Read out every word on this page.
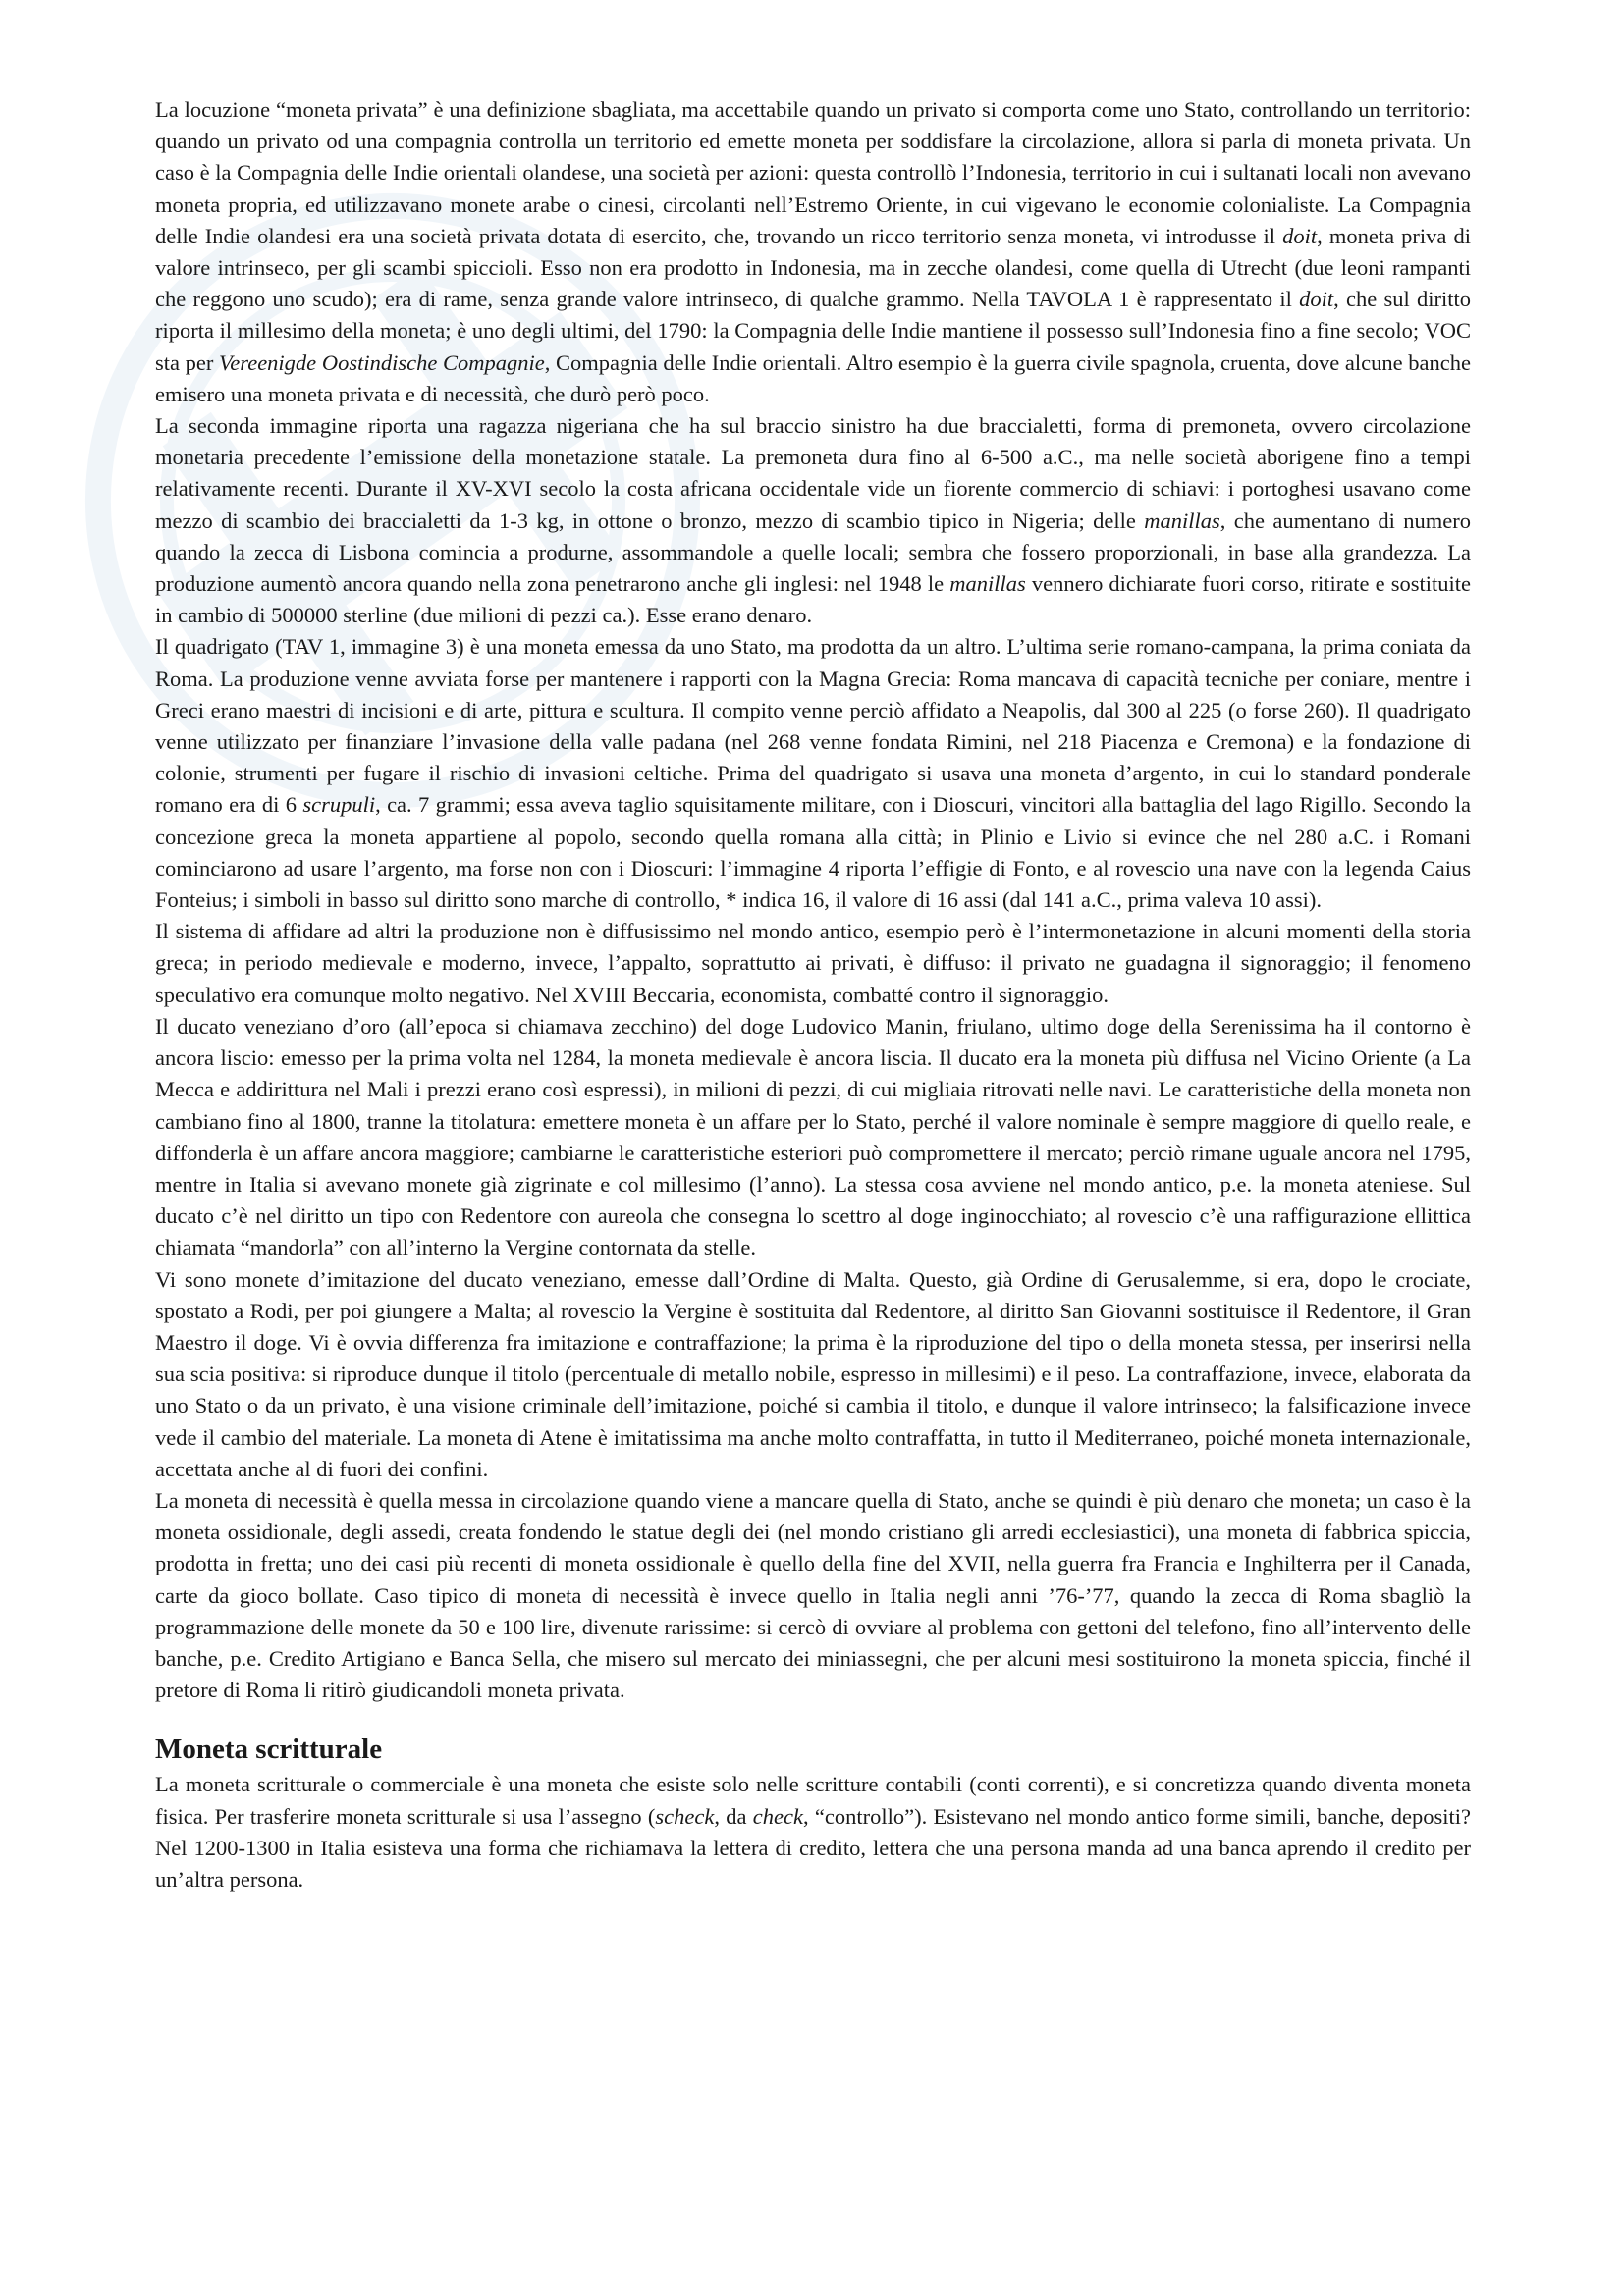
La locuzione “moneta privata” è una definizione sbagliata, ma accettabile quando un privato si comporta come uno Stato, controllando un territorio: quando un privato od una compagnia controlla un territorio ed emette moneta per soddisfare la circolazione, allora si parla di moneta privata. Un caso è la Compagnia delle Indie orientali olandese, una società per azioni: questa controllò l’Indonesia, territorio in cui i sultanati locali non avevano moneta propria, ed utilizzavano monete arabe o cinesi, circolanti nell’Estremo Oriente, in cui vigevano le economie colonialiste. La Compagnia delle Indie olandesi era una società privata dotata di esercito, che, trovando un ricco territorio senza moneta, vi introdusse il doit, moneta priva di valore intrinseco, per gli scambi spiccioli. Esso non era prodotto in Indonesia, ma in zecche olandesi, come quella di Utrecht (due leoni rampanti che reggono uno scudo); era di rame, senza grande valore intrinseco, di qualche grammo. Nella TAVOLA 1 è rappresentato il doit, che sul diritto riporta il millesimo della moneta; è uno degli ultimi, del 1790: la Compagnia delle Indie mantiene il possesso sull’Indonesia fino a fine secolo; VOC sta per Vereenigde Oostindische Compagnie, Compagnia delle Indie orientali. Altro esempio è la guerra civile spagnola, cruenta, dove alcune banche emisero una moneta privata e di necessità, che durò però poco.

La seconda immagine riporta una ragazza nigeriana che ha sul braccio sinistro ha due braccialetti, forma di premoneta, ovvero circolazione monetaria precedente l’emissione della monetazione statale. La premoneta dura fino al 6-500 a.C., ma nelle società aborigene fino a tempi relativamente recenti. Durante il XV-XVI secolo la costa africana occidentale vide un fiorente commercio di schiavi: i portoghesi usavano come mezzo di scambio dei braccialetti da 1-3 kg, in ottone o bronzo, mezzo di scambio tipico in Nigeria; delle manillas, che aumentano di numero quando la zecca di Lisbona comincia a produrne, assommandole a quelle locali; sembra che fossero proporzionali, in base alla grandezza. La produzione aumentò ancora quando nella zona penetrarono anche gli inglesi: nel 1948 le manillas vennero dichiarate fuori corso, ritirate e sostituite in cambio di 500000 sterline (due milioni di pezzi ca.). Esse erano denaro.

Il quadrigato (TAV 1, immagine 3) è una moneta emessa da uno Stato, ma prodotta da un altro. L’ultima serie romano-campana, la prima coniata da Roma. La produzione venne avviata forse per mantenere i rapporti con la Magna Grecia: Roma mancava di capacità tecniche per coniare, mentre i Greci erano maestri di incisioni e di arte, pittura e scultura. Il compito venne perciò affidato a Neapolis, dal 300 al 225 (o forse 260). Il quadrigato venne utilizzato per finanziare l’invasione della valle padana (nel 268 venne fondata Rimini, nel 218 Piacenza e Cremona) e la fondazione di colonie, strumenti per fugare il rischio di invasioni celtiche. Prima del quadrigato si usava una moneta d’argento, in cui lo standard ponderale romano era di 6 scrupuli, ca. 7 grammi; essa aveva taglio squisitamente militare, con i Dioscuri, vincitori alla battaglia del lago Rigillo. Secondo la concezione greca la moneta appartiene al popolo, secondo quella romana alla città; in Plinio e Livio si evince che nel 280 a.C. i Romani cominciarono ad usare l’argento, ma forse non con i Dioscuri: l’immagine 4 riporta l’effigie di Fonto, e al rovescio una nave con la legenda Caius Fonteius; i simboli in basso sul diritto sono marche di controllo, * indica 16, il valore di 16 assi (dal 141 a.C., prima valeva 10 assi).

Il sistema di affidare ad altri la produzione non è diffusissimo nel mondo antico, esempio però è l’intermonetazione in alcuni momenti della storia greca; in periodo medievale e moderno, invece, l’appalto, soprattutto ai privati, è diffuso: il privato ne guadagna il signoraggio; il fenomeno speculativo era comunque molto negativo. Nel XVIII Beccaria, economista, combatté contro il signoraggio.

Il ducato veneziano d’oro (all’epoca si chiamava zecchino) del doge Ludovico Manin, friulano, ultimo doge della Serenissima ha il contorno è ancora liscio: emesso per la prima volta nel 1284, la moneta medievale è ancora liscia. Il ducato era la moneta più diffusa nel Vicino Oriente (a La Mecca e addirittura nel Mali i prezzi erano così espressi), in milioni di pezzi, di cui migliaia ritrovati nelle navi. Le caratteristiche della moneta non cambiano fino al 1800, tranne la titolatura: emettere moneta è un affare per lo Stato, perché il valore nominale è sempre maggiore di quello reale, e diffonderla è un affare ancora maggiore; cambiarne le caratteristiche esteriori può compromettere il mercato; perciò rimane uguale ancora nel 1795, mentre in Italia si avevano monete già zigrinate e col millesimo (l’anno). La stessa cosa avviene nel mondo antico, p.e. la moneta ateniese. Sul ducato c’è nel diritto un tipo con Redentore con aureola che consegna lo scettro al doge inginocchiato; al rovescio c’è una raffigurazione ellittica chiamata “mandorla” con all’interno la Vergine contornata da stelle.

Vi sono monete d’imitazione del ducato veneziano, emesse dall’Ordine di Malta. Questo, già Ordine di Gerusalemme, si era, dopo le crociate, spostato a Rodi, per poi giungere a Malta; al rovescio la Vergine è sostituita dal Redentore, al diritto San Giovanni sostituisce il Redentore, il Gran Maestro il doge. Vi è ovvia differenza fra imitazione e contraffazione; la prima è la riproduzione del tipo o della moneta stessa, per inserirsi nella sua scia positiva: si riproduce dunque il titolo (percentuale di metallo nobile, espresso in millesimi) e il peso. La contraffazione, invece, elaborata da uno Stato o da un privato, è una visione criminale dell’imitazione, poiché si cambia il titolo, e dunque il valore intrinseco; la falsificazione invece vede il cambio del materiale. La moneta di Atene è imitatissima ma anche molto contraffatta, in tutto il Mediterraneo, poiché moneta internazionale, accettata anche al di fuori dei confini.

La moneta di necessità è quella messa in circolazione quando viene a mancare quella di Stato, anche se quindi è più denaro che moneta; un caso è la moneta ossidionale, degli assedi, creata fondendo le statue degli dei (nel mondo cristiano gli arredi ecclesiastici), una moneta di fabbrica spiccia, prodotta in fretta; uno dei casi più recenti di moneta ossidionale è quello della fine del XVII, nella guerra fra Francia e Inghilterra per il Canada, carte da gioco bollate. Caso tipico di moneta di necessità è invece quello in Italia negli anni ’76-’77, quando la zecca di Roma sbagliò la programmazione delle monete da 50 e 100 lire, divenute rarissime: si cercò di ovviare al problema con gettoni del telefono, fino all’intervento delle banche, p.e. Credito Artigiano e Banca Sella, che misero sul mercato dei miniassegni, che per alcuni mesi sostituirono la moneta spiccia, finché il pretore di Roma li ritirò giudicandoli moneta privata.

Moneta scritturale

La moneta scritturale o commerciale è una moneta che esiste solo nelle scritture contabili (conti correnti), e si concretizza quando diventa moneta fisica. Per trasferire moneta scritturale si usa l’assegno (scheck, da check, “controllo”). Esistevano nel mondo antico forme simili, banche, depositi? Nel 1200-1300 in Italia esisteva una forma che richiamava la lettera di credito, lettera che una persona manda ad una banca aprendo il credito per un’altra persona.
